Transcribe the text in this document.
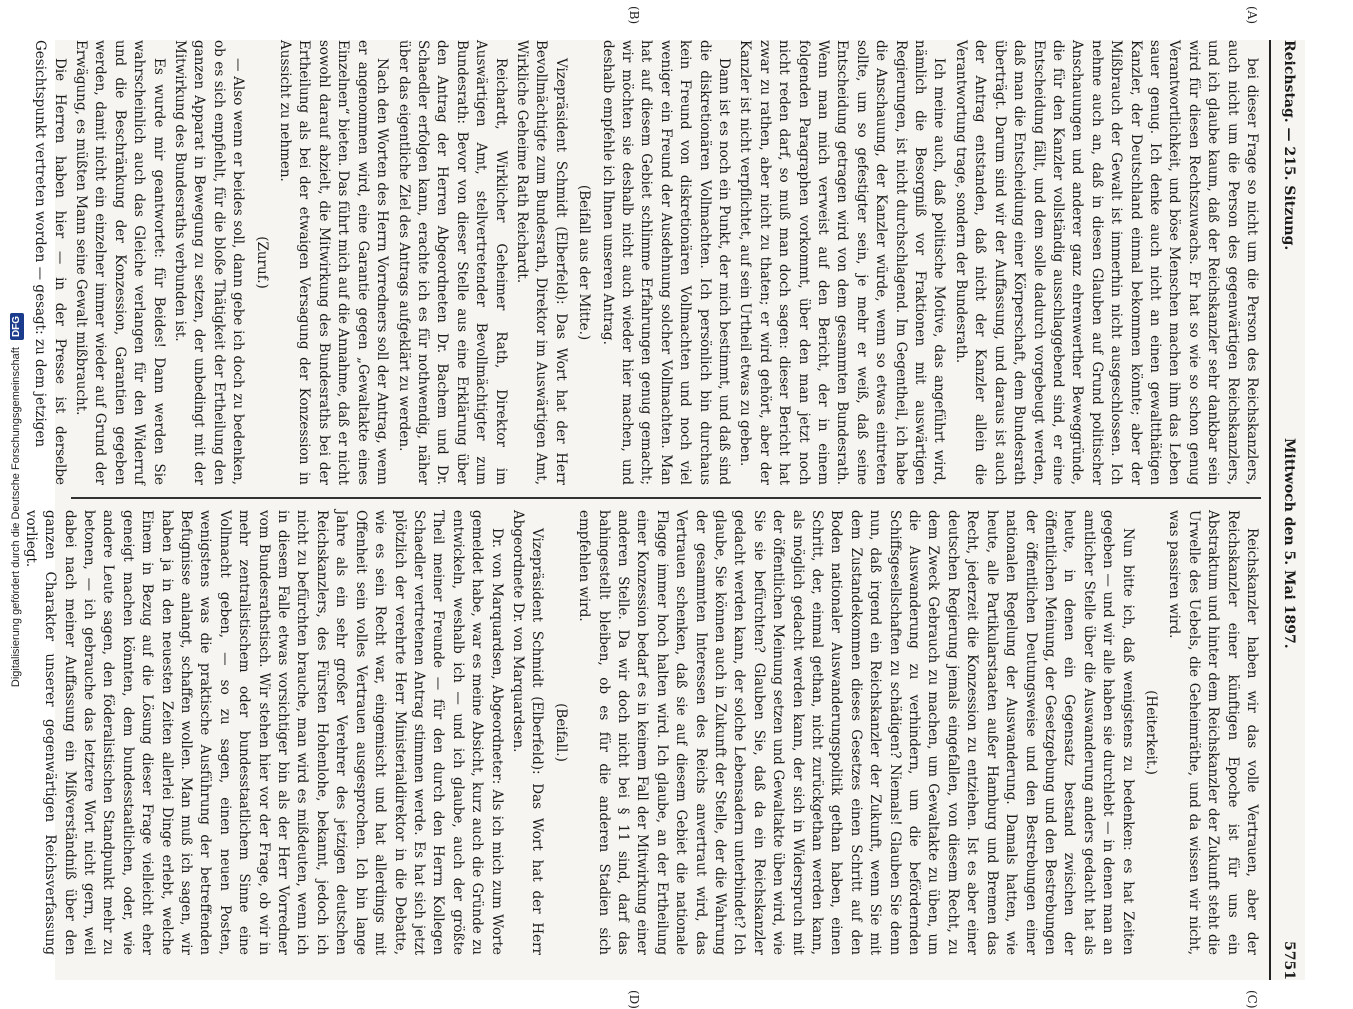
Digitalisierung gefördert durch die Deutsche Forschungsgemeinschaft DFG
Reichstag. — 215. Sitzung.
Mittwoch den 5. Mai 1897.                                                            5751
(A)
(B)
(C)
(D)

bei dieser Frage so nicht um die Person des Reichskanzlers, auch nicht um die Person des gegenwärtigen Reichskanzlers, und ich glaube kaum, daß der Reichskanzler sehr dankbar sein wird für diesen Rechtszuwachs. Er hat so wie so schon genug Verantwortlichkeit, und böse Menschen machen ihm das Leben sauer genug. Ich denke auch nicht an einen gewaltthätigen Kanzler, der Deutschland einmal bekommen könnte; aber der Mißbrauch der Gewalt ist immerhin nicht ausgeschlossen. Ich nehme auch an, daß in diesen Glauben auf Grund politischer Anschauungen und anderer ganz ehrenwerther Beweggründe, die für den Kanzler vollständig ausschlaggebend sind, er eine Entscheidung fällt, und dem solle dadurch vorgebeugt werden, daß man die Entscheidung einer Körperschaft, dem Bundesrath überträgt. Darum sind wir der Auffassung, und daraus ist auch der Antrag entstanden, daß nicht der Kanzler allein die Verantwortung trage, sondern der Bundesrath.

Ich meine auch, daß politische Motive, das angeführt wird, nämlich die Besorgniß vor Fraktionen mit auswärtigen Regierungen, ist nicht durchschlagend. Im Gegentheil, ich habe die Anschauung, der Kanzler würde, wenn so etwas eintreten sollte, um so gefestigter sein, je mehr er weiß, daß seine Entscheidung getragen wird von dem gesammten Bundesrath. Wenn man mich verweist auf den Bericht, der in einem folgenden Paragraphen vorkommt, über den man jetzt noch nicht reden darf, so muß man doch sagen: dieser Bericht hat zwar zu rathen, aber nicht zu thaten; er wird gehört, aber der Kanzler ist nicht verpflichtet, auf sein Urtheil etwas zu geben.

Dann ist es noch ein Punkt, der mich bestimmt, und daß sind die diskretionären Vollmachten. Ich persönlich bin durchaus kein Freund von diskretionären Vollmachten und noch viel weniger ein Freund der Ausdehnung solcher Vollmachten. Man hat auf diesem Gebiet schlimme Erfahrungen genug gemacht; wir möchten sie deshalb nicht auch wieder hier machen, und deshalb empfehle ich Ihnen unseren Antrag.

(Beifall aus der Mitte.)

Vizepräsident Schmidt (Elberfeld): Das Wort hat der Herr Bevollmächtigte zum Bundesrath, Direktor im Auswärtigen Amt, Wirkliche Geheime Rath Reichardt.

Reichardt, Wirklicher Geheimer Rath, Direktor im Auswärtigen Amt, stellvertretender Bevollmächtigter zum Bundesrath: Bevor von dieser Stelle aus eine Erklärung über den Antrag der Herren Abgeordneten Dr. Bachem und Dr. Schaedler erfolgen kann, erachte ich es für nothwendig, näher über das eigentliche Ziel des Antrags aufgeklärt zu werden.

Nach den Worten des Herrn Vorredners soll der Antrag, wenn er angenommen wird, eine Garantie gegen „Gewaltakte eines Einzelnen“ bieten. Das führt mich auf die Annahme, daß er nicht sowohl darauf abzielt, die Mitwirkung des Bundesraths bei der Ertheilung als bei der etwaigen Versagung der Konzession in Aussicht zu nehmen.

(Zuruf.)

— Also wenn er beides soll, dann gebe ich doch zu bedenken, ob es sich empfiehlt, für die bloße Thätigkeit der Ertheilung den ganzen Apparat in Bewegung zu setzen, der unbedingt mit der Mitwirkung des Bundesraths verbunden ist.

Es wurde mir geantwortet: für Beides! Dann werden Sie wahrscheinlich auch das Gleiche verlangen für den Widerruf und die Beschränkung der Konzession, Garantien gegeben werden, damit nicht ein einzelner immer wieder auf Grund der Erwägung, es müßten Mann seine Gewalt mißbraucht.

Die Herren haben hier — in der Presse ist derselbe Gesichtspunkt vertreten worden — gesagt: zu dem jetzigen

Reichskanzler haben wir das volle Vertrauen, aber der Reichskanzler einer künftigen Epoche ist für uns ein Abstraktum und hinter dem Reichskanzler der Zukunft steht die Urwelle des Uebels, die Geheimräthe, und da wissen wir nicht, was passiren wird.

(Heiterkeit.)

Nun bitte ich, daß wenigstens zu bedenken: es hat Zeiten gegeben — und wir alle haben sie durchlebt — in denen man an amtlicher Stelle über die Auswanderung anders gedacht hat als heute, in denen ein Gegensatz bestand zwischen der öffentlichen Meinung, der Gesetzgebung und den Bestrebungen der öffentlichen Deutungsweise und den Bestrebungen einer nationalen Regelung der Auswanderung. Damals hatten, wie heute, alle Partikularstaaten außer Hamburg und Bremen das Recht, jederzeit die Konzession zu entziehen. Ist es aber einer deutschen Regierung jemals eingefallen, von diesem Recht, zu dem Zweck Gebrauch zu machen, um Gewaltakte zu üben, um die Auswanderung zu verhindern, um die befördernden Schiffsgesellschaften zu schädigen? Niemals! Glauben Sie denn nun, daß irgend ein Reichskanzler der Zukunft, wenn Sie mit dem Zustandekommen dieses Gesetzes einen Schritt auf den Boden nationaler Auswanderungspolitik gethan haben, einen Schritt, der, einmal gethan, nicht zurückgethan werden kann, als möglich gedacht werden kann, der sich in Widerspruch mit der öffentlichen Meinung setzen und Gewaltakte üben wird, wie Sie sie befürchten? Glauben Sie, daß da ein Reichskanzler gedacht werden kann, der solche Lebensadern unterbindet? Ich glaube, Sie können auch in Zukunft der Stelle, der die Wahrung der gesammten Interessen des Reichs anvertraut wird, das Vertrauen schenken, daß sie auf diesem Gebiet die nationale Flagge immer hoch halten wird. Ich glaube, an der Ertheilung einer Konzession bedarf es in keinem Fall der Mitwirkung einer anderen Stelle. Da wir doch nicht bei § 11 sind, darf das bahingestellt bleiben, ob es für die anderen Stadien sich empfehlen wird.

(Beifall.)

Vizepräsident Schmidt (Elberfeld): Das Wort hat der Herr Abgeordnete Dr. von Marquardsen.

Dr. von Marquardsen, Abgeordneter: Als ich mich zum Worte gemeldet habe, war es meine Absicht, kurz auch die Gründe zu entwickeln, weshalb ich — und ich glaube, auch der größte Theil meiner Freunde — für den durch den Herrn Kollegen Schaedler vertretenen Antrag stimmen werde. Es hat sich jetzt plötzlich der verehrte Herr Ministerialdirektor in die Debatte, wie es sein Recht war, eingemischt und hat allerdings mit Offenheit sein volles Vertrauen ausgesprochen. Ich bin lange Jahre als ein sehr großer Verehrer des jetzigen deutschen Reichskanzlers, des Fürsten Hohenlohe, bekannt, jedoch ich nicht zu befürchten brauche, man wird es mißdeuten, wenn ich in diesem Falle etwas vorsichtiger bin als der Herr Vorredner vom Bundesrathstisch. Wir stehen hier vor der Frage, ob wir in mehr zentralistischem oder bundesstaatlichem Sinne eine Vollmacht geben, — so zu sagen, einen neuen Posten, wenigstens was die praktische Ausführung der betreffenden Befugnisse anlangt, schaffen wollen. Man muß ich sagen, wir haben ja in den neuesten Zeiten allerlei Dinge erlebt, welche Einem in Bezug auf die Lösung dieser Frage vielleicht eher geneigt machen könnten, dem bundesstaatlichen, oder, wie andere Leute sagen, den föderalistischen Standpunkt mehr zu betonen, — ich gebrauche das letztere Wort nicht gern, weil dabei nach meiner Auffassung ein Mißverständniß über den ganzen Charakter unserer gegenwärtigen Reichsverfassung vorliegt.
